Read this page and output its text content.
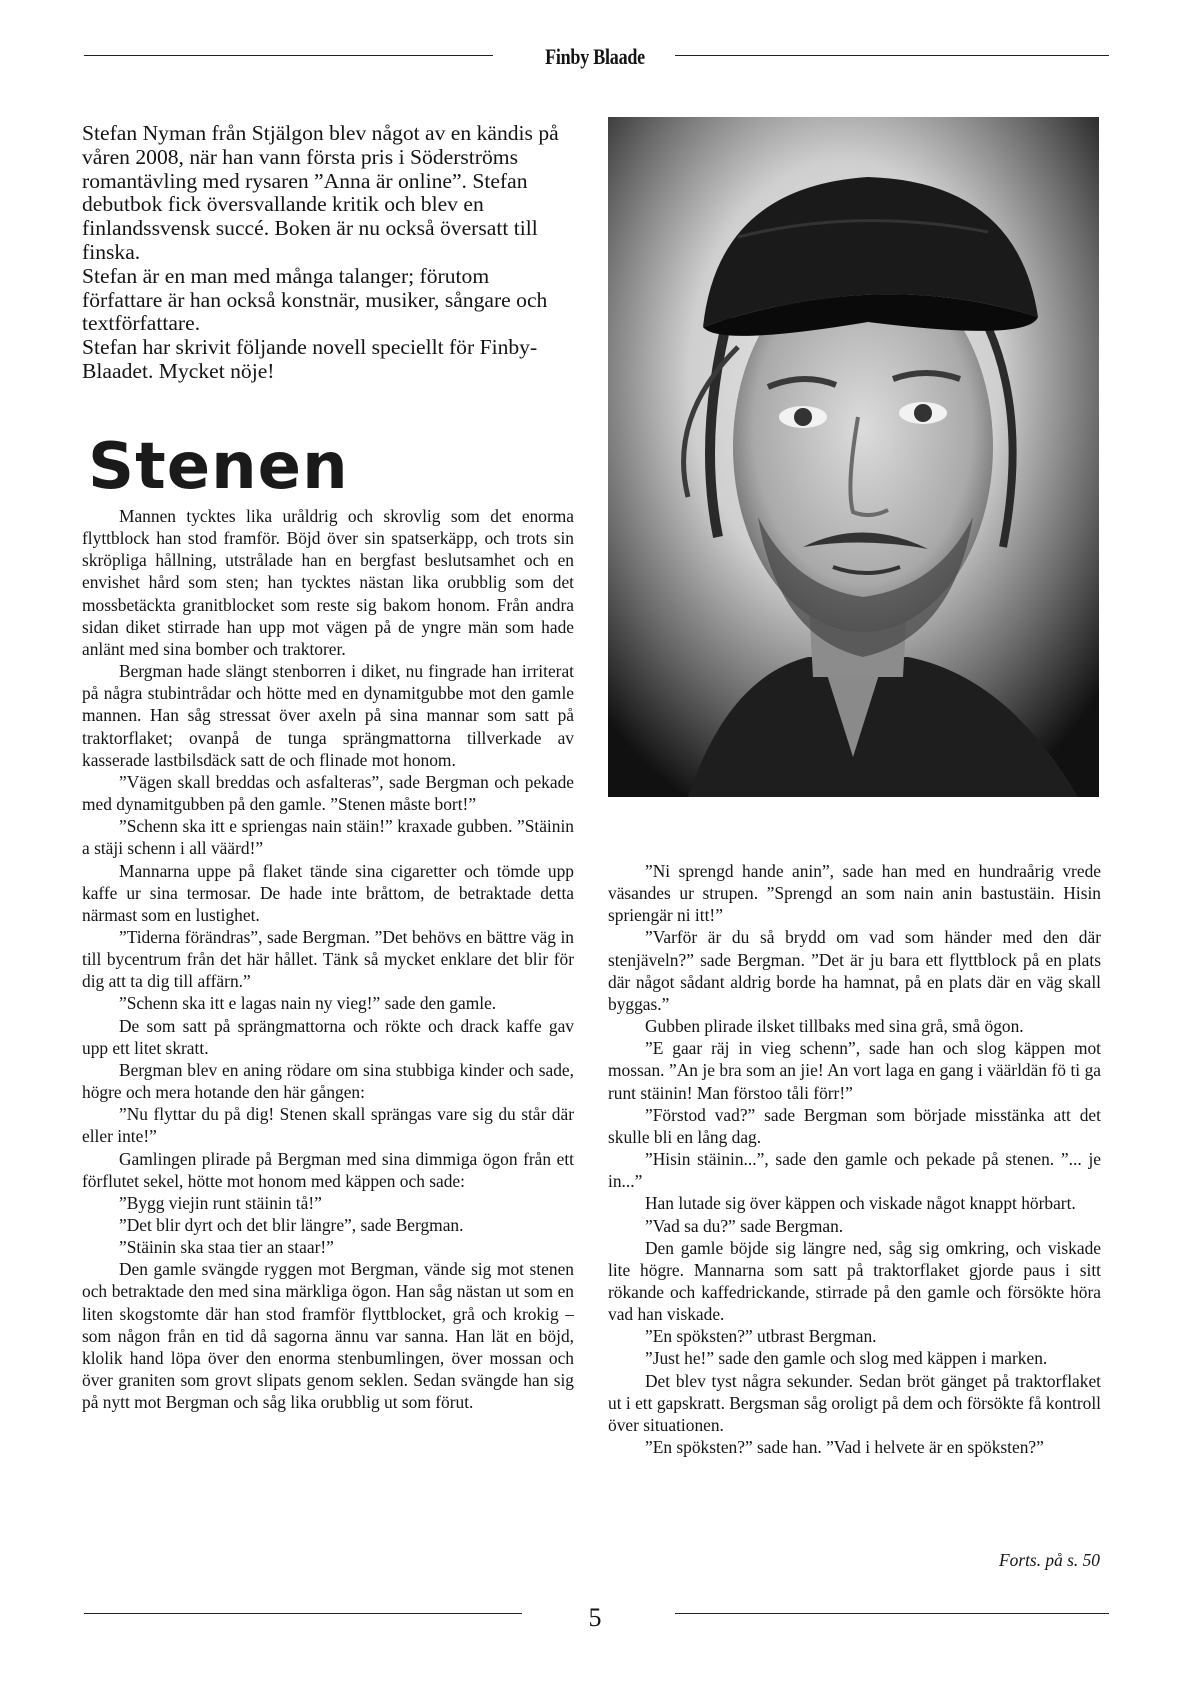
Finby Blaade

Stefan Nyman från Stjälgon blev något av en kändis på våren 2008, när han vann första pris i Söderströms romantävling med rysaren ”Anna är online”. Stefan debutbok fick översvallande kritik och blev en finlandssvensk succé. Boken är nu också översatt till finska.

Stefan är en man med många talanger; förutom författare är han också konstnär, musiker, sångare och textförfattare.

Stefan har skrivit följande novell speciellt för Finby-Blaadet. Mycket nöje!

Stenen

Mannen tycktes lika uråldrig och skrovlig som det enorma flyttblock han stod framför. Böjd över sin spatserkäpp, och trots sin skröpliga hållning, utstrålade han en bergfast beslutsamhet och en envishet hård som sten; han tycktes nästan lika orubblig som det mossbetäckta granitblocket som reste sig bakom honom. Från andra sidan diket stirrade han upp mot vägen på de yngre män som hade anlänt med sina bomber och traktorer.

Bergman hade slängt stenborren i diket, nu fingrade han irriterat på några stubintrådar och hötte med en dynamitgubbe mot den gamle mannen. Han såg stressat över axeln på sina mannar som satt på traktorflaket; ovanpå de tunga sprängmattorna tillverkade av kasserade lastbilsdäck satt de och flinade mot honom.

”Vägen skall breddas och asfalteras”, sade Bergman och pekade med dynamitgubben på den gamle. ”Stenen måste bort!”

”Schenn ska itt e spriengas nain stäin!” kraxade gubben. ”Stäinin a stäji schenn i all väärd!”

Mannarna uppe på flaket tände sina cigaretter och tömde upp kaffe ur sina termosar. De hade inte bråttom, de betraktade detta närmast som en lustighet.

”Tiderna förändras”, sade Bergman. ”Det behövs en bättre väg in till bycentrum från det här hållet. Tänk så mycket enklare det blir för dig att ta dig till affärn.”

”Schenn ska itt e lagas nain ny vieg!” sade den gamle.

De som satt på sprängmattorna och rökte och drack kaffe gav upp ett litet skratt.

Bergman blev en aning rödare om sina stubbiga kinder och sade, högre och mera hotande den här gången:

”Nu flyttar du på dig! Stenen skall sprängas vare sig du står där eller inte!”

Gamlingen plirade på Bergman med sina dimmiga ögon från ett förflutet sekel, hötte mot honom med käppen och sade:

”Bygg viejin runt stäinin tå!”

”Det blir dyrt och det blir längre”, sade Bergman.

”Stäinin ska staa tier an staar!”

Den gamle svängde ryggen mot Bergman, vände sig mot stenen och betraktade den med sina märkliga ögon. Han såg nästan ut som en liten skogstomte där han stod framför flyttblocket, grå och krokig – som någon från en tid då sagorna ännu var sanna. Han lät en böjd, klolik hand löpa över den enorma stenbumlingen, över mossan och över graniten som grovt slipats genom seklen. Sedan svängde han sig på nytt mot Bergman och såg lika orubblig ut som förut.

”Ni sprengd hande anin”, sade han med en hundraårig vrede väsandes ur strupen. ”Sprengd an som nain anin bastustäin. Hisin spriengär ni itt!”

”Varför är du så brydd om vad som händer med den där stenjäveln?” sade Bergman. ”Det är ju bara ett flyttblock på en plats där något sådant aldrig borde ha hamnat, på en plats där en väg skall byggas.”

Gubben plirade ilsket tillbaks med sina grå, små ögon.

”E gaar räj in vieg schenn”, sade han och slog käppen mot mossan. ”An je bra som an jie! An vort laga en gang i väärldän fö ti ga runt stäinin! Man förstoo tåli förr!”

”Förstod vad?” sade Bergman som började misstänka att det skulle bli en lång dag.

”Hisin stäinin...”, sade den gamle och pekade på stenen. ”... je in...”

Han lutade sig över käppen och viskade något knappt hörbart.

”Vad sa du?” sade Bergman.

Den gamle böjde sig längre ned, såg sig omkring, och viskade lite högre. Mannarna som satt på traktorflaket gjorde paus i sitt rökande och kaffedrickande, stirrade på den gamle och försökte höra vad han viskade.

”En spöksten?” utbrast Bergman.

”Just he!” sade den gamle och slog med käppen i marken.

Det blev tyst några sekunder. Sedan bröt gänget på traktorflaket ut i ett gapskratt. Bergsman såg oroligt på dem och försökte få kontroll över situationen.

”En spöksten?” sade han. ”Vad i helvete är en spöksten?”

Forts. på s. 50
5
